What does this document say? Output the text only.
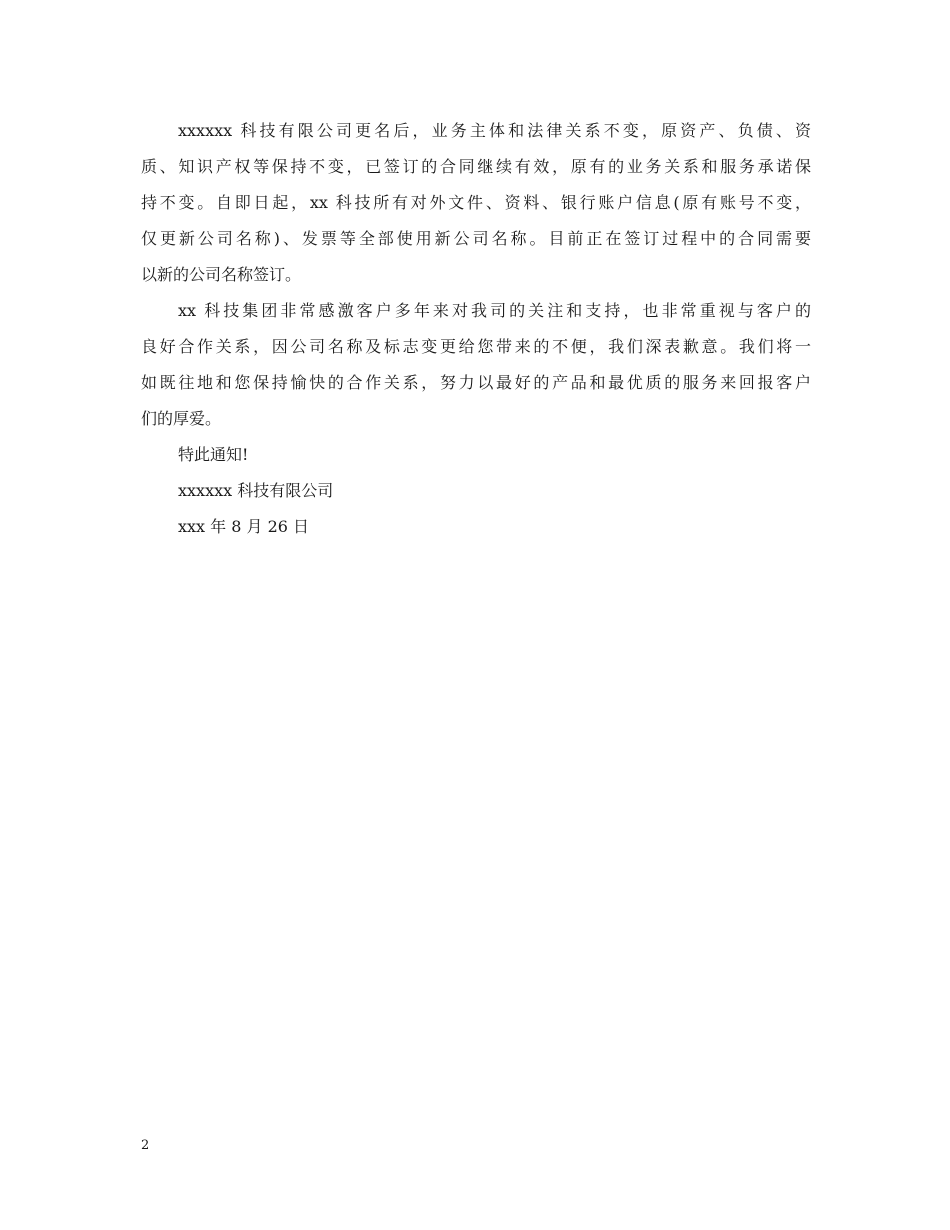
xxxxxx 科技有限公司更名后，业务主体和法律关系不变，原资产、负债、资
质、知识产权等保持不变，已签订的合同继续有效，原有的业务关系和服务承诺保
持不变。自即日起，xx 科技所有对外文件、资料、银行账户信息(原有账号不变，
仅更新公司名称)、发票等全部使用新公司名称。目前正在签订过程中的合同需要
以新的公司名称签订。
xx 科技集团非常感激客户多年来对我司的关注和支持，也非常重视与客户的
良好合作关系，因公司名称及标志变更给您带来的不便，我们深表歉意。我们将一
如既往地和您保持愉快的合作关系，努力以最好的产品和最优质的服务来回报客户
们的厚爱。
特此通知!
xxxxxx 科技有限公司
xxx 年 8 月 26 日
2
